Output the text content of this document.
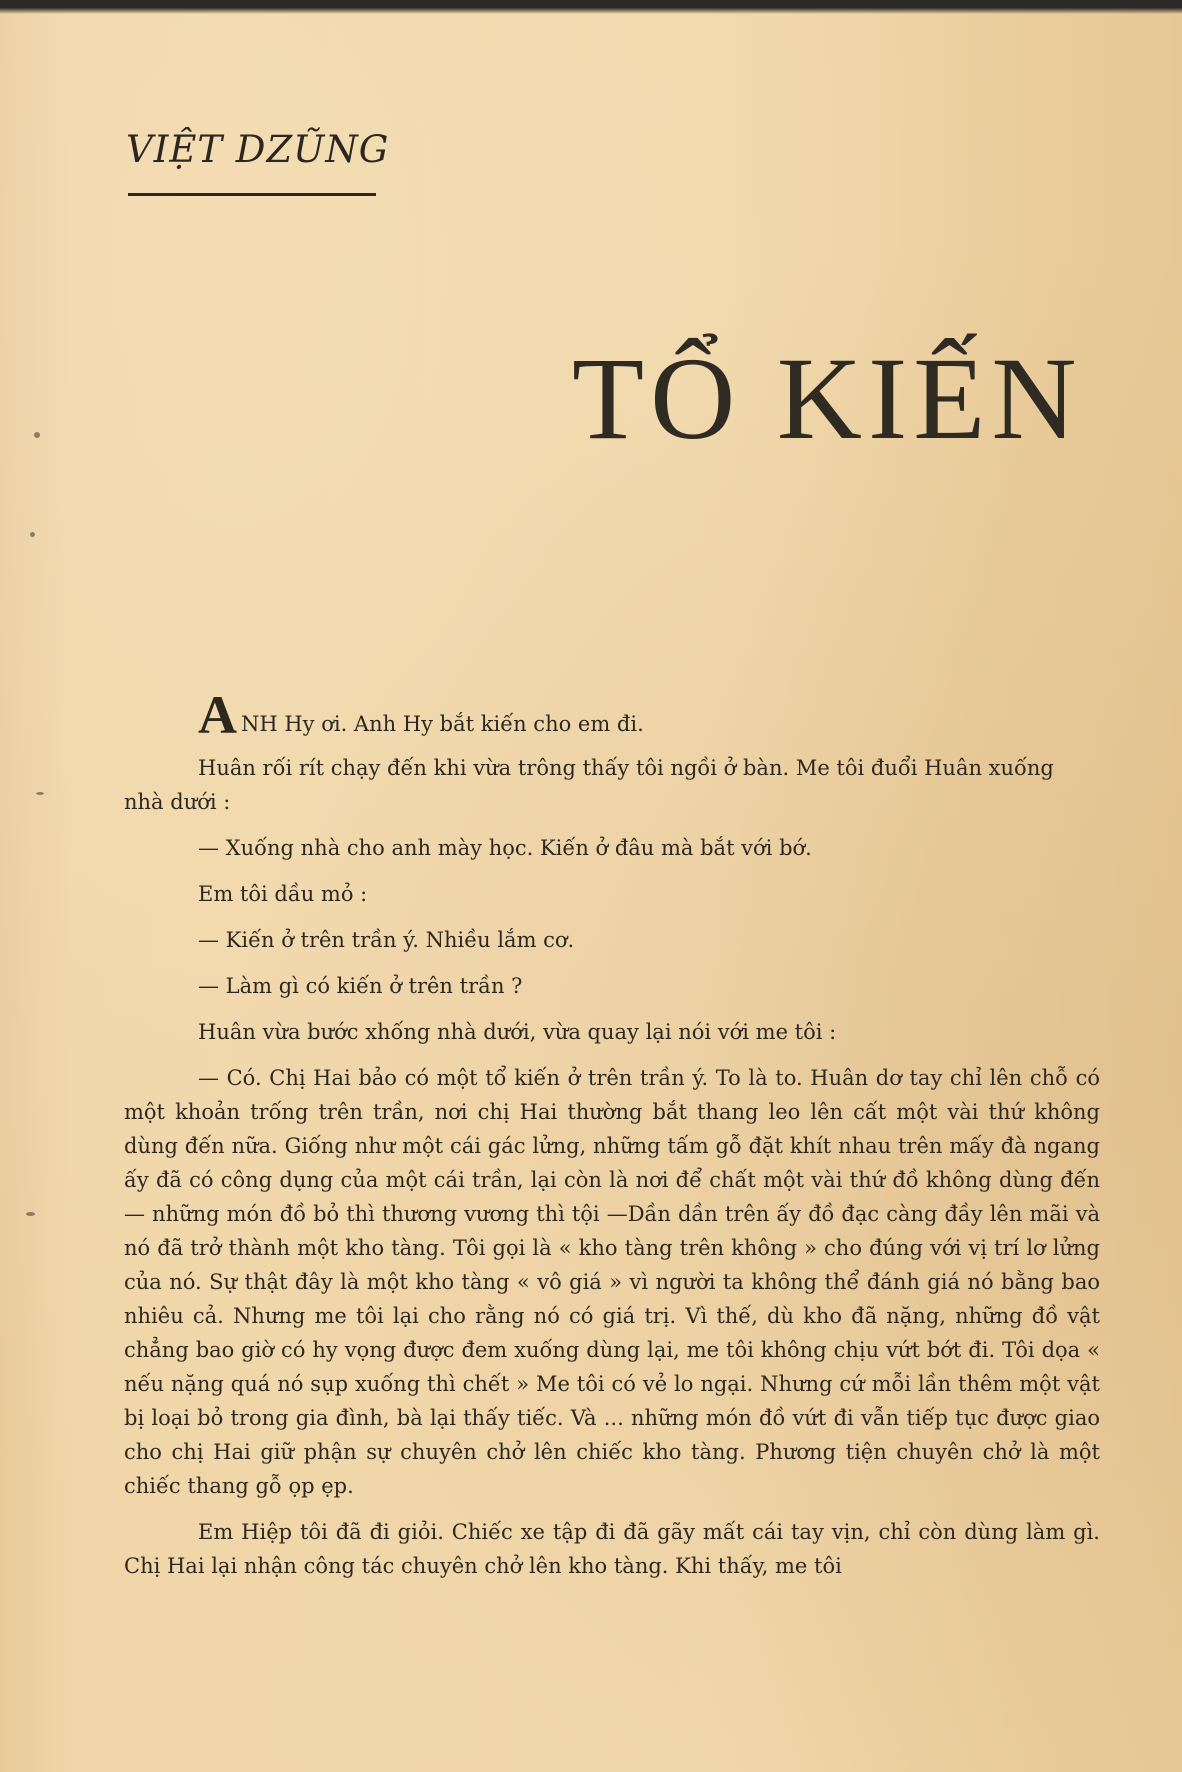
VIỆT DZŨNG
TỔ KIẾN

ANH Hy ơi. Anh Hy bắt kiến cho em đi.

Huân rối rít chạy đến khi vừa trông thấy tôi ngồi ở bàn. Me tôi đuổi Huân xuống nhà dưới :

— Xuống nhà cho anh mày học. Kiến ở đâu mà bắt với bớ.

Em tôi dầu mỏ :

— Kiến ở trên trần ý. Nhiều lắm cơ.

— Làm gì có kiến ở trên trần ?

Huân vừa bước xhống nhà dưới, vừa quay lại nói với me tôi :

— Có. Chị Hai bảo có một tổ kiến ở trên trần ý. To là to. Huân dơ tay chỉ lên chỗ có một khoản trống trên trần, nơi chị Hai thường bắt thang leo lên cất một vài thứ không dùng đến nữa. Giống như một cái gác lửng, những tấm gỗ đặt khít nhau trên mấy đà ngang ấy đã có công dụng của một cái trần, lại còn là nơi để chất một vài thứ đồ không dùng đến — những món đồ bỏ thì thương vương thì tội —Dần dần trên ấy đồ đạc càng đầy lên mãi và nó đã trở thành một kho tàng. Tôi gọi là « kho tàng trên không » cho đúng với vị trí lơ lửng của nó. Sự thật đây là một kho tàng « vô giá » vì người ta không thể đánh giá nó bằng bao nhiêu cả. Nhưng me tôi lại cho rằng nó có giá trị. Vì thế, dù kho đã nặng, những đồ vật chẳng bao giờ có hy vọng được đem xuống dùng lại, me tôi không chịu vứt bớt đi. Tôi dọa « nếu nặng quá nó sụp xuống thì chết » Me tôi có vẻ lo ngại. Nhưng cứ mỗi lần thêm một vật bị loại bỏ trong gia đình, bà lại thấy tiếc. Và ... những món đồ vứt đi vẫn tiếp tục được giao cho chị Hai giữ phận sự chuyên chở lên chiếc kho tàng. Phương tiện chuyên chở là một chiếc thang gỗ ọp ẹp.

Em Hiệp tôi đã đi giỏi. Chiếc xe tập đi đã gãy mất cái tay vịn, chỉ còn dùng làm gì. Chị Hai lại nhận công tác chuyên chở lên kho tàng. Khi thấy, me tôi
